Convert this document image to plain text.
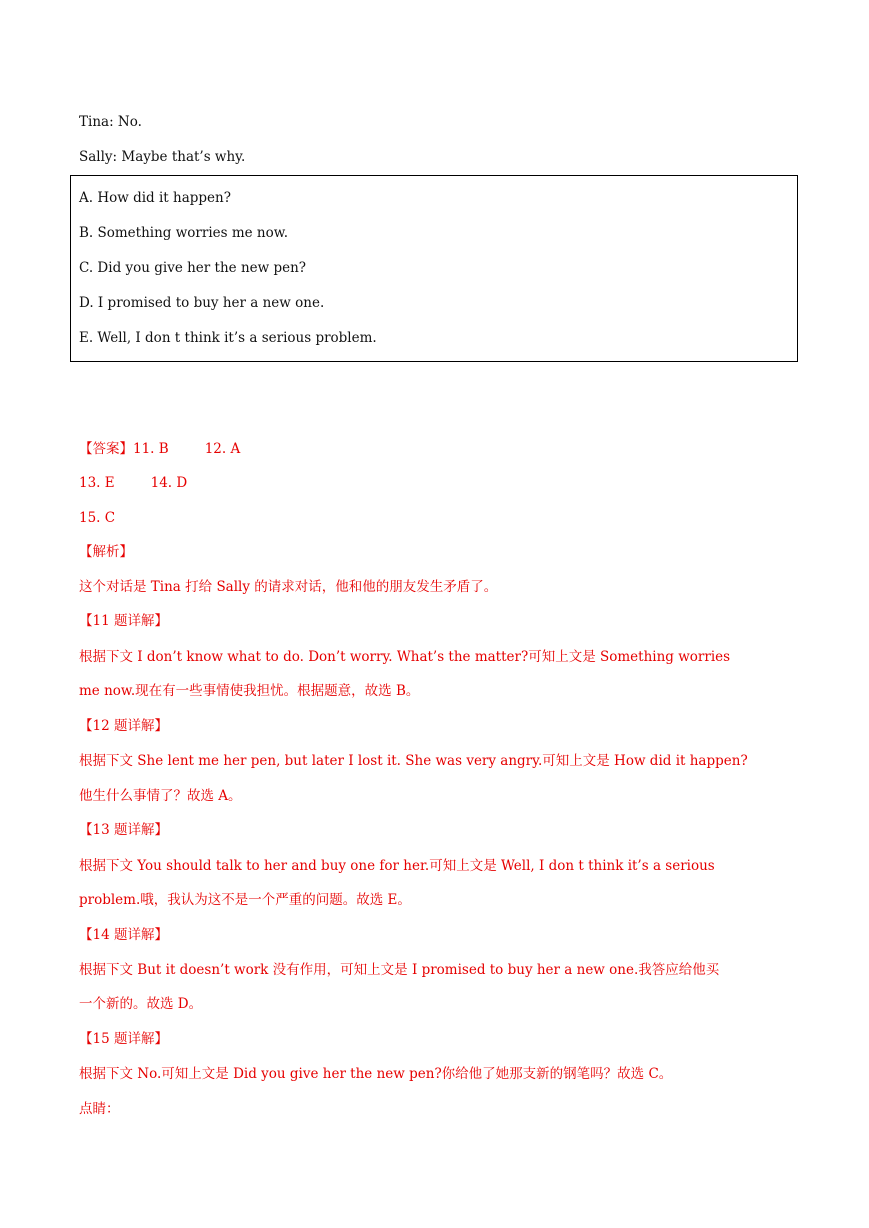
Tina: No.
Sally: Maybe that’s why.
A. How did it happen?
B. Something worries me now.
C. Did you give her the new pen?
D. I promised to buy her a new one.
E. Well, I don t think it’s a serious problem.
【答案】11. B	12. A
13. E	14. D
15. C
【解析】
这个对话是 Tina 打给 Sally 的请求对话，他和他的朋友发生矛盾了。
【11 题详解】
根据下文 I don’t know what to do. Don’t worry. What’s the matter?可知上文是 Something worries
me now.现在有一些事情使我担忧。根据题意，故选 B。
【12 题详解】
根据下文 She lent me her pen, but later I lost it. She was very angry.可知上文是 How did it happen?
他生什么事情了？故选 A。
【13 题详解】
根据下文 You should talk to her and buy one for her.可知上文是 Well, I don t think it’s a serious
problem.哦，我认为这不是一个严重的问题。故选 E。
【14 题详解】
根据下文 But it doesn’t work 没有作用，可知上文是 I promised to buy her a new one.我答应给他买
一个新的。故选 D。
【15 题详解】
根据下文 No.可知上文是 Did you give her the new pen?你给他了她那支新的钢笔吗？故选 C。
点睛：
